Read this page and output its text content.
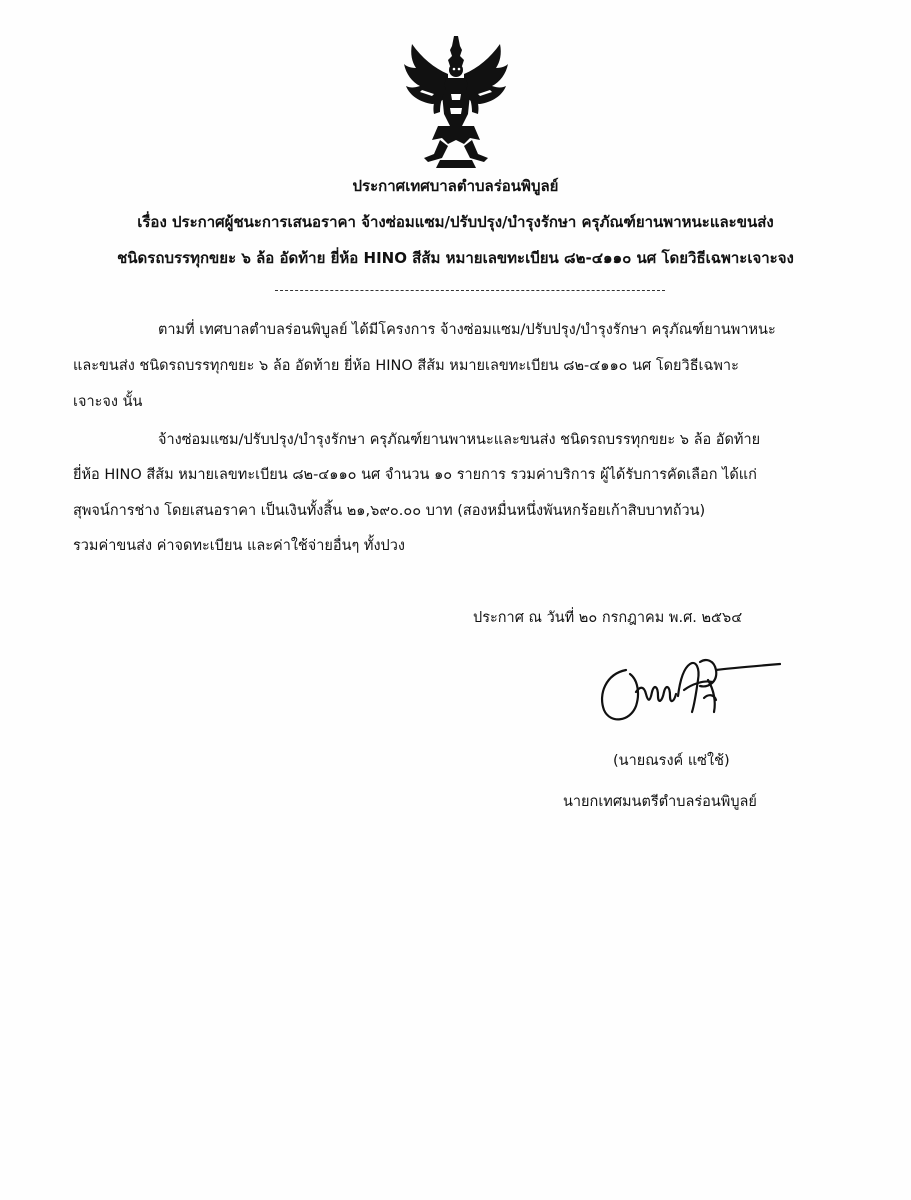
ประกาศเทศบาลตำบลร่อนพิบูลย์
เรื่อง ประกาศผู้ชนะการเสนอราคา จ้างซ่อมแซม/ปรับปรุง/บำรุงรักษา ครุภัณฑ์ยานพาหนะและขนส่ง
ชนิดรถบรรทุกขยะ ๖ ล้อ อัดท้าย ยี่ห้อ HINO สีส้ม หมายเลขทะเบียน ๘๒-๔๑๑๐ นศ โดยวิธีเฉพาะเจาะจง
ตามที่ เทศบาลตำบลร่อนพิบูลย์ ได้มีโครงการ จ้างซ่อมแซม/ปรับปรุง/บำรุงรักษา ครุภัณฑ์ยานพาหนะ
และขนส่ง ชนิดรถบรรทุกขยะ ๖ ล้อ อัดท้าย ยี่ห้อ HINO สีส้ม หมายเลขทะเบียน ๘๒-๔๑๑๐ นศ โดยวิธีเฉพาะ
เจาะจง นั้น
จ้างซ่อมแซม/ปรับปรุง/บำรุงรักษา ครุภัณฑ์ยานพาหนะและขนส่ง ชนิดรถบรรทุกขยะ ๖ ล้อ อัดท้าย
ยี่ห้อ HINO สีส้ม หมายเลขทะเบียน ๘๒-๔๑๑๐ นศ จำนวน ๑๐ รายการ รวมค่าบริการ ผู้ได้รับการคัดเลือก ได้แก่
สุพจน์การช่าง โดยเสนอราคา เป็นเงินทั้งสิ้น ๒๑,๖๙๐.๐๐ บาท (สองหมื่นหนึ่งพันหกร้อยเก้าสิบบาทถ้วน)
รวมค่าขนส่ง ค่าจดทะเบียน และค่าใช้จ่ายอื่นๆ ทั้งปวง
ประกาศ ณ วันที่ ๒๐ กรกฎาคม พ.ศ. ๒๕๖๔
(นายณรงค์ แซ่ใช้)
นายกเทศมนตรีตำบลร่อนพิบูลย์
